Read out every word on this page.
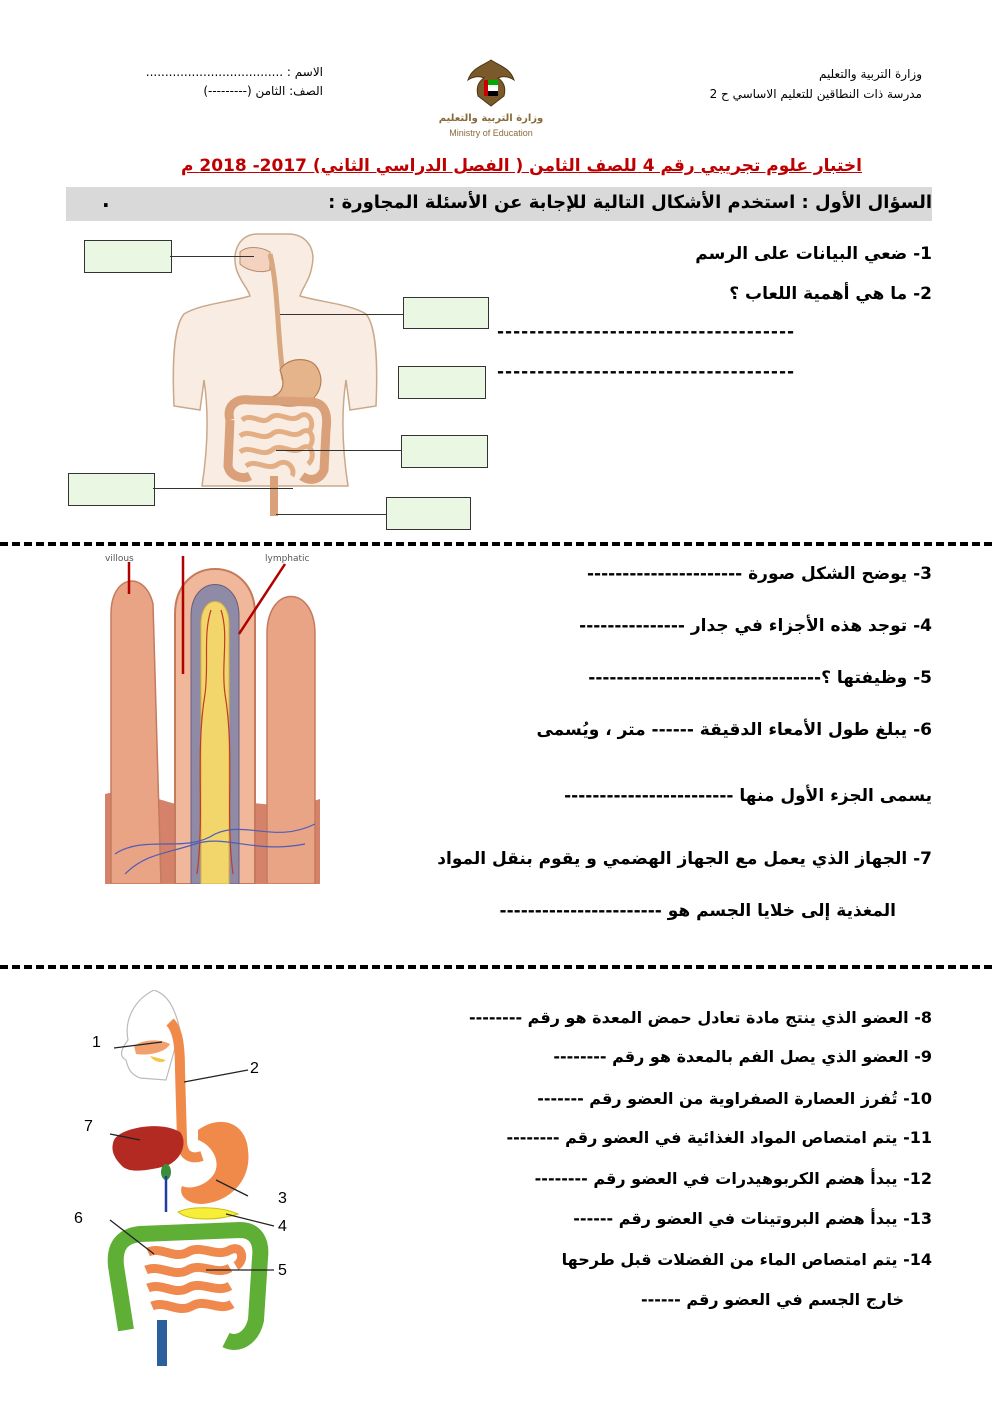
وزارة التربية والتعليم
مدرسة ذات النطاقين للتعليم الاساسي ح 2
الاسم : ....................................
الصف: الثامن (---------)
وزارة التربية والتعليم
Ministry of Education
اختبار علوم تجريبي رقم 4 للصف الثامن ( الفصل الدراسي الثاني) 2017- 2018 م
السؤال الأول : استخدم الأشكال التالية للإجابة عن الأسئلة المجاورة :
.
1- ضعي البيانات على الرسم
2- ما هي أهمية اللعاب ؟
-------------------------------------
-------------------------------------
villous	lymphatic
3- يوضح الشكل صورة ----------------------
4- توجد هذه الأجزاء في جدار ---------------
5- وظيفتها ؟---------------------------------
6- يبلغ طول الأمعاء الدقيقة ------ متر ، ويُسمى
يسمى الجزء الأول منها ------------------------
7- الجهاز الذي يعمل مع الجهاز الهضمي و يقوم بنقل المواد
المغذية إلى خلايا الجسم هو -----------------------
1
2
3
4
5
6
7
8- العضو الذي ينتج مادة تعادل حمض المعدة هو رقم --------
9- العضو الذي يصل الفم بالمعدة هو رقم --------
10- تُفرز العصارة الصفراوية من العضو رقم -------
11- يتم امتصاص المواد الغذائية في العضو رقم --------
12- يبدأ هضم الكربوهيدرات في العضو رقم --------
13- يبدأ هضم البروتينات في العضو رقم ------
14- يتم امتصاص الماء من الفضلات قبل طرحها
خارج الجسم في العضو رقم ------
